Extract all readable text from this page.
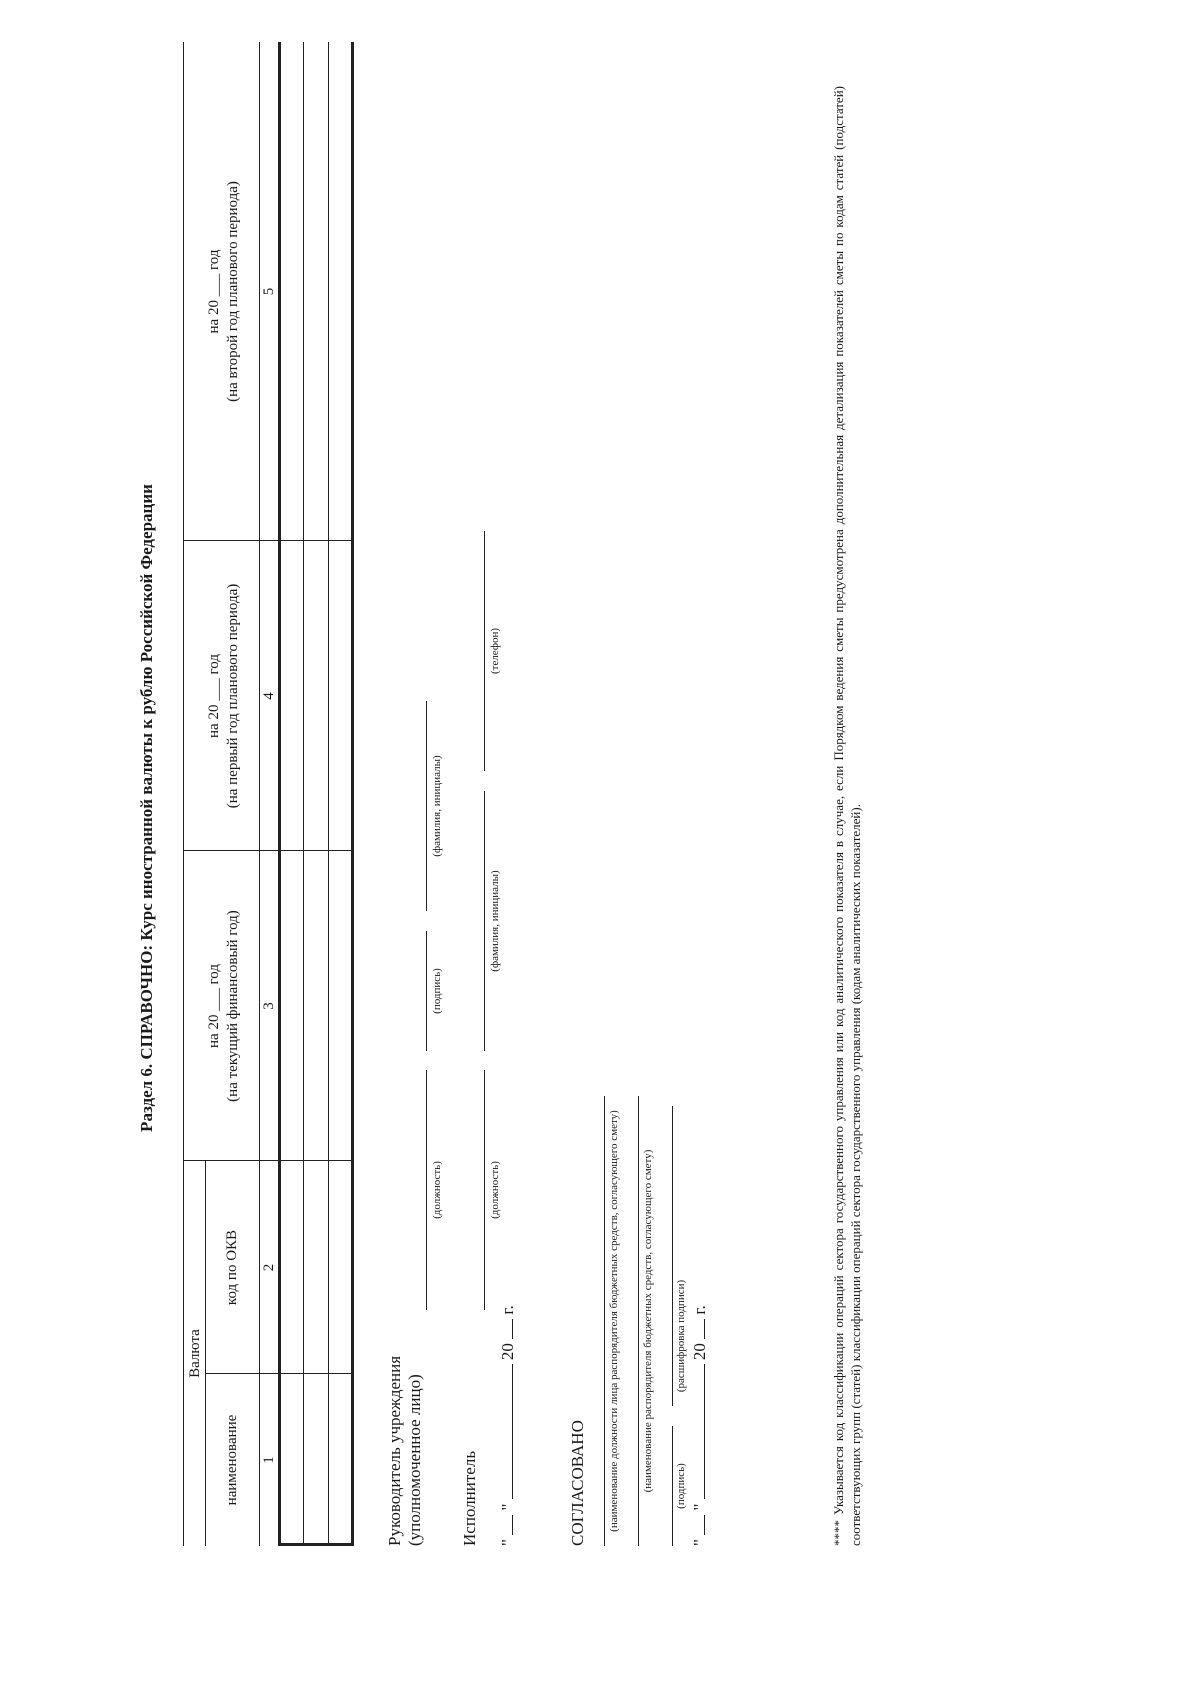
Раздел 6. СПРАВОЧНО: Курс иностранной валюты к рублю Российской Федерации
Валюта
наименование
код по ОКВ
на 20 ___ год (на текущий финансовый год)
на 20 ___ год (на первый год планового периода)
на 20 ___ год (на второй год планового периода)
1
2
3
4
5
Руководитель учреждения (уполномоченное лицо)
(должность)
(подпись)
(фамилия, инициалы)
Исполнитель
(должность)
(фамилия, инициалы)
(телефон)
"  "  20  г.
СОГЛАСОВАНО (наименование должности лица распорядителя бюджетных средств, согласующего смету) (наименование распорядителя бюджетных средств, согласующего смету) (подпись)
(расшифровка подписи)
"  "  20  г.	**** Указывается код классификации операций сектора государственного управления или код аналитического показателя в случае, если Порядком ведения сметы предусмотрена дополнительная детализация показателей сметы по кодам статей (подстатей) соответствующих групп (статей) классификации операций сектора государственного управления (кодам аналитических показателей).
